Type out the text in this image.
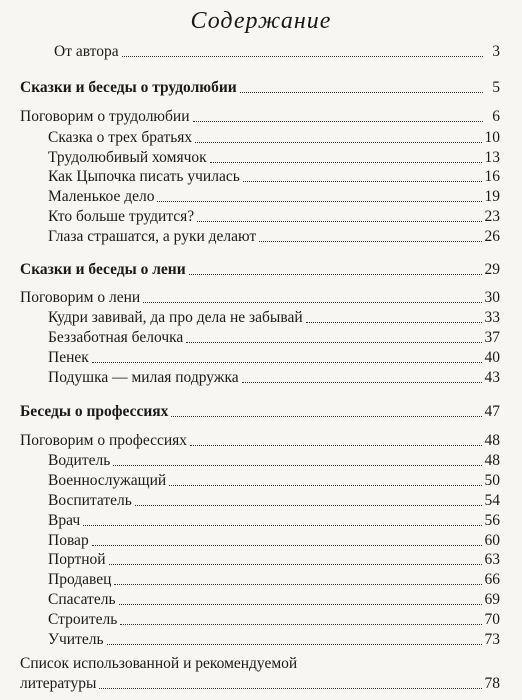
Содержание
От автора	3
Сказки и беседы о трудолюбии	5
Поговорим о трудолюбии	6
Сказка о трех братьях	10
Трудолюбивый хомячок	13
Как Цыпочка писать училась	16
Маленькое дело	19
Кто больше трудится?	23
Глаза страшатся, а руки делают	26
Сказки и беседы о лени	29
Поговорим о лени	30
Кудри завивай, да про дела не забывай	33
Беззаботная белочка	37
Пенек	40
Подушка — милая подружка	43
Беседы о профессиях	47
Поговорим о профессиях	48
Водитель	48
Военнослужащий	50
Воспитатель	54
Врач	56
Повар	60
Портной	63
Продавец	66
Спасатель	69
Строитель	70
Учитель	73
Список использованной и рекомендуемой
литературы	78
